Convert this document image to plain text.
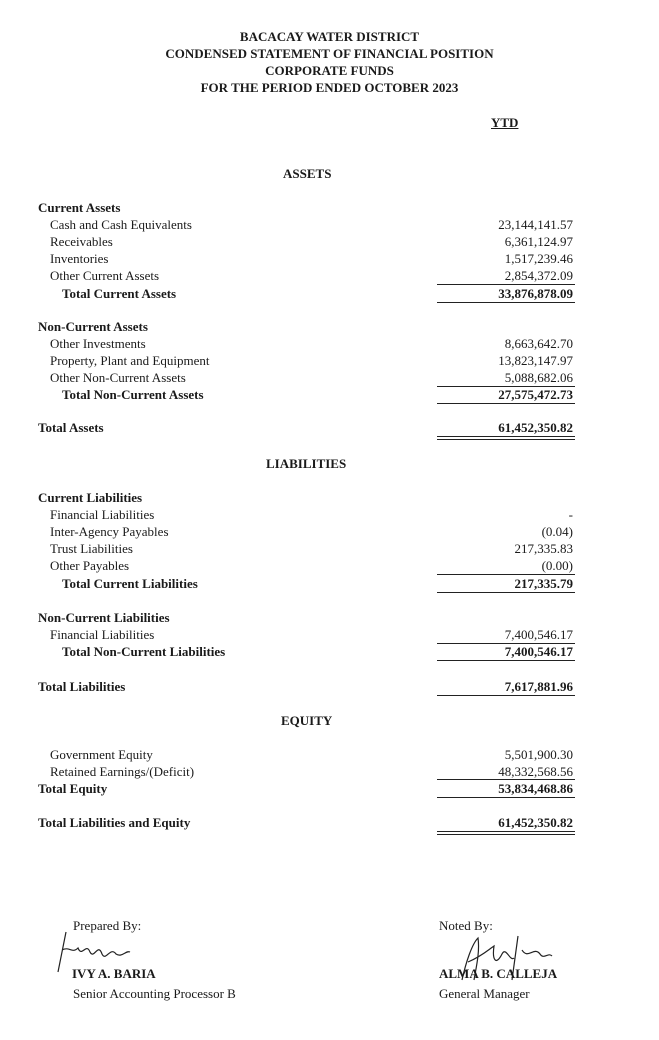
BACACAY WATER DISTRICT
CONDENSED STATEMENT OF FINANCIAL POSITION
CORPORATE FUNDS
FOR THE PERIOD ENDED OCTOBER 2023
YTD
ASSETS
Current Assets
Cash and Cash Equivalents	23,144,141.57
Receivables	6,361,124.97
Inventories	1,517,239.46
Other Current Assets	2,854,372.09
Total Current Assets	33,876,878.09
Non-Current Assets
Other Investments	8,663,642.70
Property, Plant and Equipment	13,823,147.97
Other Non-Current Assets	5,088,682.06
Total Non-Current Assets	27,575,472.73
Total Assets	61,452,350.82
LIABILITIES
Current Liabilities
Financial Liabilities	-
Inter-Agency Payables	(0.04)
Trust Liabilities	217,335.83
Other Payables	(0.00)
Total Current Liabilities	217,335.79
Non-Current Liabilities
Financial Liabilities	7,400,546.17
Total Non-Current Liabilities	7,400,546.17
Total Liabilities	7,617,881.96
EQUITY
Government Equity	5,501,900.30
Retained Earnings/(Deficit)	48,332,568.56
Total Equity	53,834,468.86
Total Liabilities and Equity	61,452,350.82
Prepared By:
IVY A. BARIA
Senior Accounting Processor B
Noted By:
ALMA B. CALLEJA
General Manager
